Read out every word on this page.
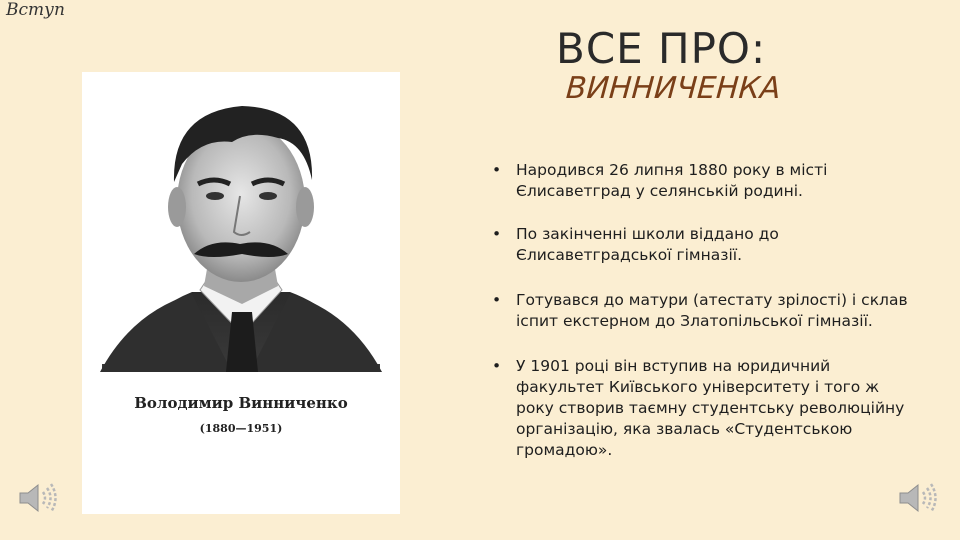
Вступ
Володимир Винниченко
(1880—1951)
ВСЕ ПРО:
ВИННИЧЕНКА
• Народився 26 липня 1880 року в місті Єлисаветград у селянській родині.
• По закінченні школи віддано до Єлисаветградської гімназії.
• Готувався до матури (атестату зрілості) і склав іспит екстерном до Златопільської гімназії.
• У 1901 році він вступив на юридичний факультет Київського університету і того ж року створив таємну студентську революційну організацію, яка звалась «Студентською громадою».
